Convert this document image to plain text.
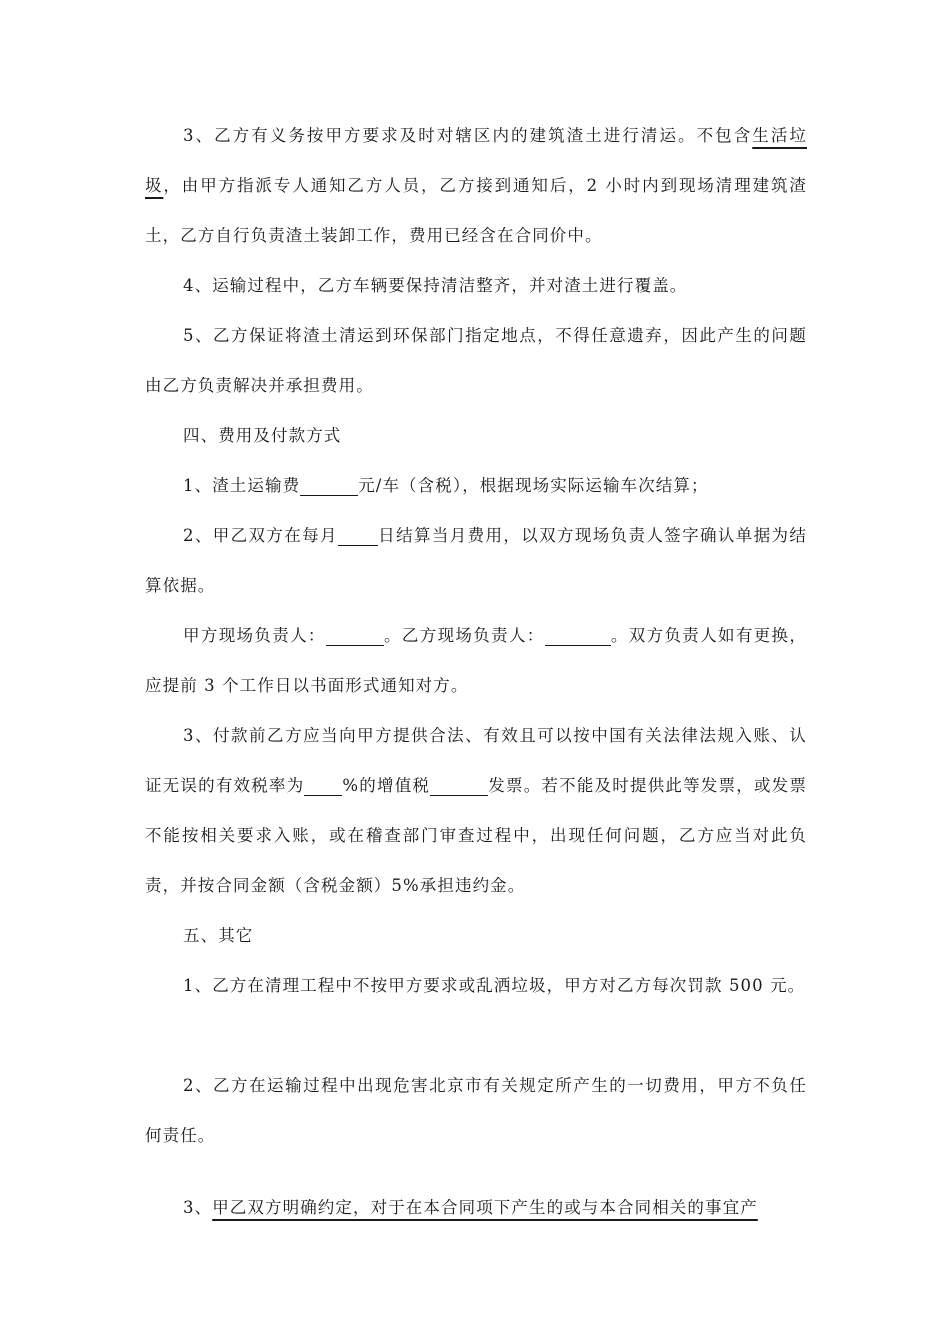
3、乙方有义务按甲方要求及时对辖区内的建筑渣土进行清运。不包含生活垃圾，由甲方指派专人通知乙方人员，乙方接到通知后，2 小时内到现场清理建筑渣土，乙方自行负责渣土装卸工作，费用已经含在合同价中。

4、运输过程中，乙方车辆要保持清洁整齐，并对渣土进行覆盖。

5、乙方保证将渣土清运到环保部门指定地点，不得任意遗弃，因此产生的问题由乙方负责解决并承担费用。

四、费用及付款方式

1、渣土运输费	元/车（含税），根据现场实际运输车次结算；

2、甲乙双方在每月 日结算当月费用，以双方现场负责人签字确认单据为结算依据。

甲方现场负责人：	。乙方现场负责人：	。双方负责人如有更换，应提前 3 个工作日以书面形式通知对方。

3、付款前乙方应当向甲方提供合法、有效且可以按中国有关法律法规入账、认证无误的有效税率为 %的增值税	发票。若不能及时提供此等发票，或发票不能按相关要求入账，或在稽查部门审查过程中，出现任何问题，乙方应当对此负责，并按合同金额（含税金额）5%承担违约金。

五、其它

1、乙方在清理工程中不按甲方要求或乱洒垃圾，甲方对乙方每次罚款 500 元。

2、乙方在运输过程中出现危害北京市有关规定所产生的一切费用，甲方不负任何责任。

3、甲乙双方明确约定，对于在本合同项下产生的或与本合同相关的事宜产
